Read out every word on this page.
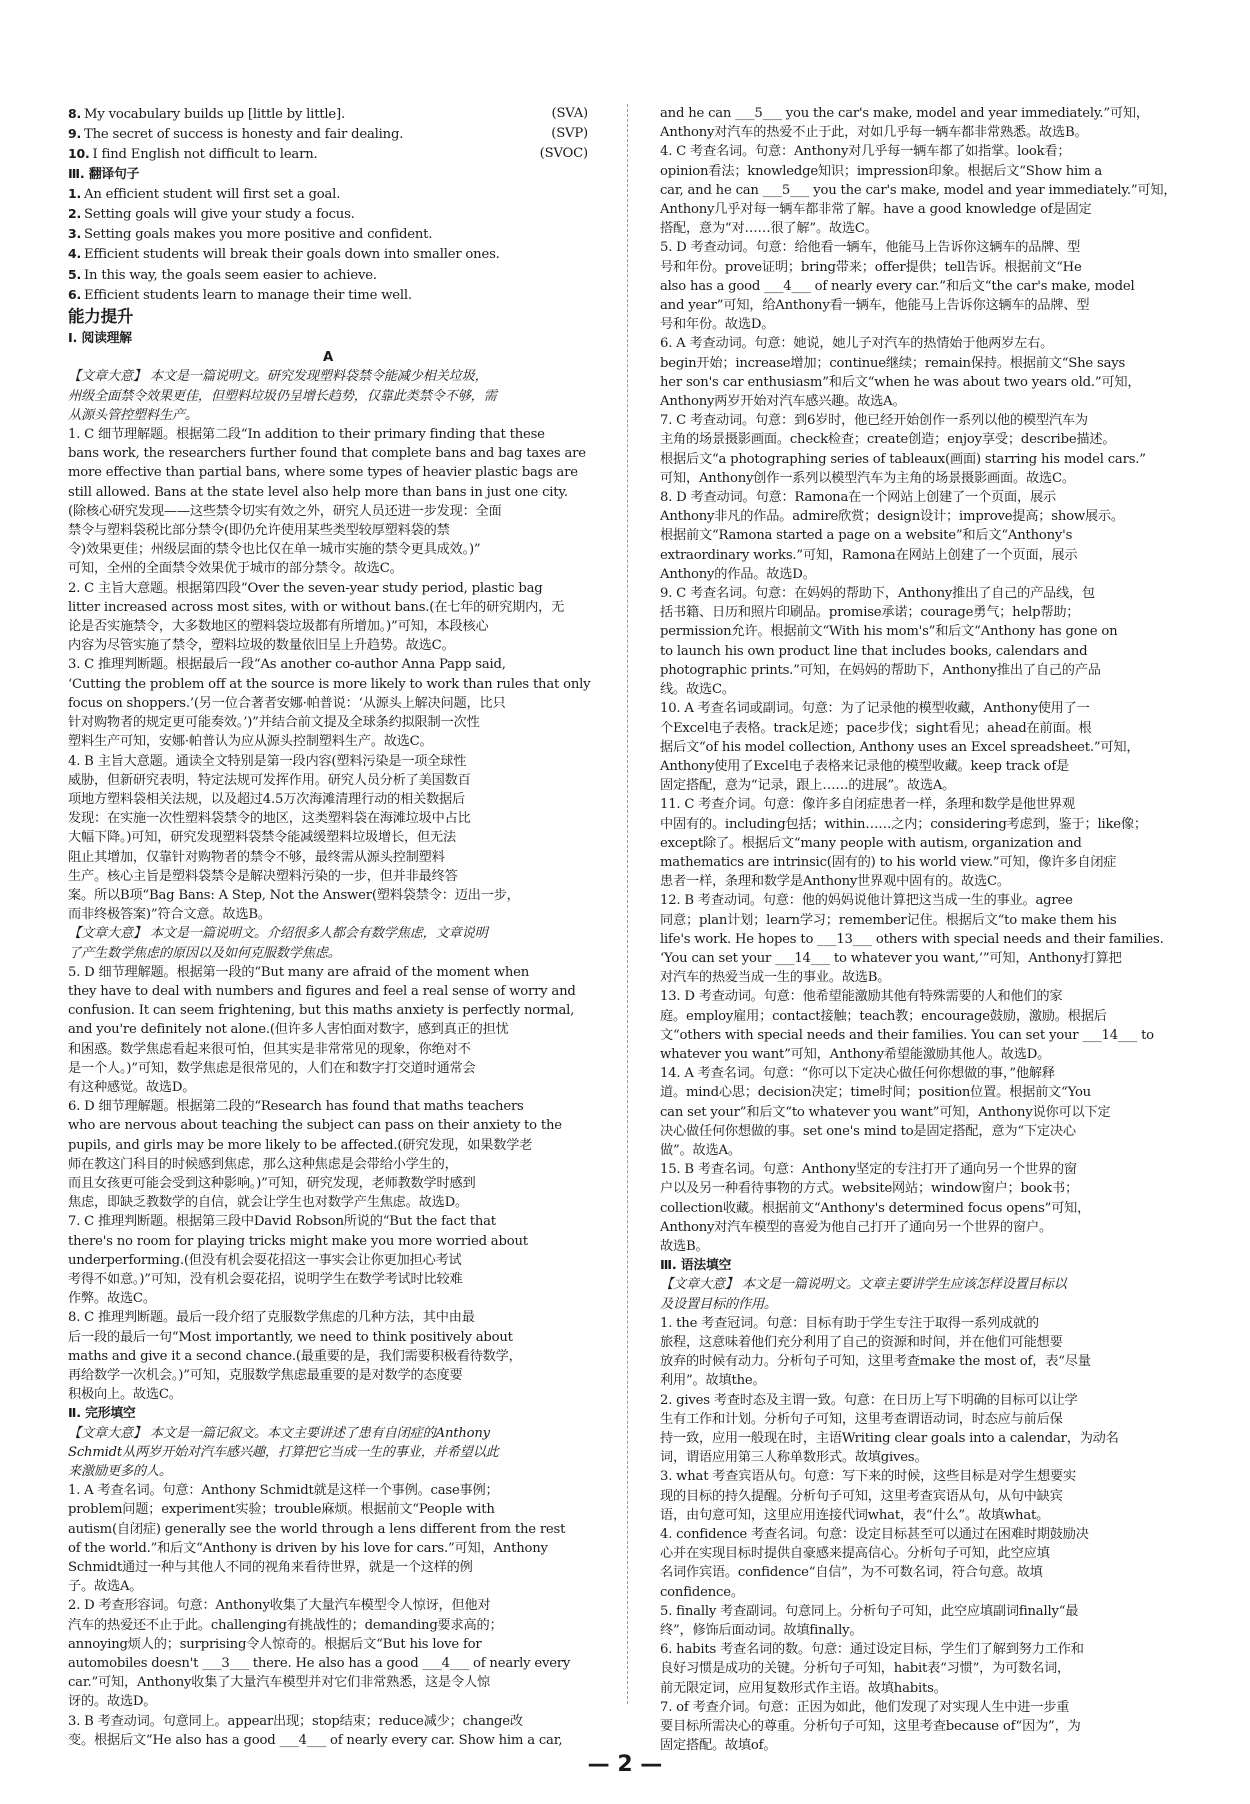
8. My vocabulary builds up [little by little].	(SVA)
9. The secret of success is honesty and fair dealing.	(SVP)
10. I find English not difficult to learn.	(SVOC)
Ⅲ. 翻译句子
1. An efficient student will first set a goal.
2. Setting goals will give your study a focus.
3. Setting goals makes you more positive and confident.
4. Efficient students will break their goals down into smaller ones.
5. In this way, the goals seem easier to achieve.
6. Efficient students learn to manage their time well.
能力提升
Ⅰ. 阅读理解
A
【文章大意】 本文是一篇说明文。研究发现塑料袋禁令能减少相关垃圾，
州级全面禁令效果更佳，但塑料垃圾仍呈增长趋势，仅靠此类禁令不够，需
从源头管控塑料生产。
1. C 细节理解题。根据第二段“In addition to their primary finding that these
bans work, the researchers further found that complete bans and bag taxes are
more effective than partial bans, where some types of heavier plastic bags are
still allowed. Bans at the state level also help more than bans in just one city.
(除核心研究发现——这些禁令切实有效之外，研究人员还进一步发现：全面
禁令与塑料袋税比部分禁令(即仍允许使用某些类型较厚塑料袋的禁
令)效果更佳；州级层面的禁令也比仅在单一城市实施的禁令更具成效。)”
可知，全州的全面禁令效果优于城市的部分禁令。故选C。
2. C 主旨大意题。根据第四段“Over the seven-year study period, plastic bag
litter increased across most sites, with or without bans.(在七年的研究期内，无
论是否实施禁令，大多数地区的塑料袋垃圾都有所增加。)”可知，本段核心
内容为尽管实施了禁令，塑料垃圾的数量依旧呈上升趋势。故选C。
3. C 推理判断题。根据最后一段“As another co-author Anna Papp said,
‘Cutting the problem off at the source is more likely to work than rules that only
focus on shoppers.’(另一位合著者安娜·帕普说：‘从源头上解决问题，比只
针对购物者的规定更可能奏效。’)”并结合前文提及全球条约拟限制一次性
塑料生产可知，安娜·帕普认为应从源头控制塑料生产。故选C。
4. B 主旨大意题。通读全文特别是第一段内容(塑料污染是一项全球性
威胁，但新研究表明，特定法规可发挥作用。研究人员分析了美国数百
项地方塑料袋相关法规，以及超过4.5万次海滩清理行动的相关数据后
发现：在实施一次性塑料袋禁令的地区，这类塑料袋在海滩垃圾中占比
大幅下降。)可知，研究发现塑料袋禁令能减缓塑料垃圾增长，但无法
阻止其增加，仅靠针对购物者的禁令不够，最终需从源头控制塑料
生产。核心主旨是塑料袋禁令是解决塑料污染的一步，但并非最终答
案。所以B项“Bag Bans: A Step, Not the Answer(塑料袋禁令：迈出一步，
而非终极答案)”符合文意。故选B。
【文章大意】 本文是一篇说明文。介绍很多人都会有数学焦虑，文章说明
了产生数学焦虑的原因以及如何克服数学焦虑。
5. D 细节理解题。根据第一段的“But many are afraid of the moment when
they have to deal with numbers and figures and feel a real sense of worry and
confusion. It can seem frightening, but this maths anxiety is perfectly normal,
and you're definitely not alone.(但许多人害怕面对数字，感到真正的担忧
和困惑。数学焦虑看起来很可怕，但其实是非常常见的现象，你绝对不
是一个人。)”可知，数学焦虑是很常见的，人们在和数字打交道时通常会
有这种感觉。故选D。
6. D 细节理解题。根据第二段的“Research has found that maths teachers
who are nervous about teaching the subject can pass on their anxiety to the
pupils, and girls may be more likely to be affected.(研究发现，如果数学老
师在教这门科目的时候感到焦虑，那么这种焦虑是会带给小学生的，
而且女孩更可能会受到这种影响。)”可知，研究发现，老师教数学时感到
焦虑，即缺乏教数学的自信，就会让学生也对数学产生焦虑。故选D。
7. C 推理判断题。根据第三段中David Robson所说的“But the fact that
there's no room for playing tricks might make you more worried about
underperforming.(但没有机会耍花招这一事实会让你更加担心考试
考得不如意。)”可知，没有机会耍花招，说明学生在数学考试时比较难
作弊。故选C。
8. C 推理判断题。最后一段介绍了克服数学焦虑的几种方法，其中由最
后一段的最后一句“Most importantly, we need to think positively about
maths and give it a second chance.(最重要的是，我们需要积极看待数学，
再给数学一次机会。)”可知，克服数学焦虑最重要的是对数学的态度要
积极向上。故选C。
Ⅱ. 完形填空
【文章大意】 本文是一篇记叙文。本文主要讲述了患有自闭症的Anthony
Schmidt从两岁开始对汽车感兴趣，打算把它当成一生的事业，并希望以此
来激励更多的人。
1. A 考查名词。句意：Anthony Schmidt就是这样一个事例。case事例；
problem问题；experiment实验；trouble麻烦。根据前文“People with
autism(自闭症) generally see the world through a lens different from the rest
of the world.”和后文“Anthony is driven by his love for cars.”可知，Anthony
Schmidt通过一种与其他人不同的视角来看待世界，就是一个这样的例
子。故选A。
2. D 考查形容词。句意：Anthony收集了大量汽车模型令人惊讶，但他对
汽车的热爱还不止于此。challenging有挑战性的；demanding要求高的；
annoying烦人的；surprising令人惊奇的。根据后文“But his love for
automobiles doesn't ___3___ there. He also has a good ___4___ of nearly every
car.”可知，Anthony收集了大量汽车模型并对它们非常熟悉，这是令人惊
讶的。故选D。
3. B 考查动词。句意同上。appear出现；stop结束；reduce减少；change改
变。根据后文“He also has a good ___4___ of nearly every car. Show him a car,
and he can ___5___ you the car's make, model and year immediately.”可知，
Anthony对汽车的热爱不止于此，对如几乎每一辆车都非常熟悉。故选B。
4. C 考查名词。句意：Anthony对几乎每一辆车都了如指掌。look看；
opinion看法；knowledge知识；impression印象。根据后文“Show him a
car, and he can ___5___ you the car's make, model and year immediately.”可知，
Anthony几乎对每一辆车都非常了解。have a good knowledge of是固定
搭配，意为“对……很了解”。故选C。
5. D 考查动词。句意：给他看一辆车，他能马上告诉你这辆车的品牌、型
号和年份。prove证明；bring带来；offer提供；tell告诉。根据前文“He
also has a good ___4___ of nearly every car.”和后文“the car's make, model
and year”可知，给Anthony看一辆车，他能马上告诉你这辆车的品牌、型
号和年份。故选D。
6. A 考查动词。句意：她说，她儿子对汽车的热情始于他两岁左右。
begin开始；increase增加；continue继续；remain保持。根据前文“She says
her son's car enthusiasm”和后文“when he was about two years old.”可知，
Anthony两岁开始对汽车感兴趣。故选A。
7. C 考查动词。句意：到6岁时，他已经开始创作一系列以他的模型汽车为
主角的场景摄影画面。check检查；create创造；enjoy享受；describe描述。
根据后文“a photographing series of tableaux(画面) starring his model cars.”
可知，Anthony创作一系列以模型汽车为主角的场景摄影画面。故选C。
8. D 考查动词。句意：Ramona在一个网站上创建了一个页面，展示
Anthony非凡的作品。admire欣赏；design设计；improve提高；show展示。
根据前文“Ramona started a page on a website”和后文“Anthony's
extraordinary works.”可知，Ramona在网站上创建了一个页面，展示
Anthony的作品。故选D。
9. C 考查名词。句意：在妈妈的帮助下，Anthony推出了自己的产品线，包
括书籍、日历和照片印刷品。promise承诺；courage勇气；help帮助；
permission允许。根据前文“With his mom's”和后文“Anthony has gone on
to launch his own product line that includes books, calendars and
photographic prints.”可知，在妈妈的帮助下，Anthony推出了自己的产品
线。故选C。
10. A 考查名词或副词。句意：为了记录他的模型收藏，Anthony使用了一
个Excel电子表格。track足迹；pace步伐；sight看见；ahead在前面。根
据后文“of his model collection, Anthony uses an Excel spreadsheet.”可知，
Anthony使用了Excel电子表格来记录他的模型收藏。keep track of是
固定搭配，意为“记录，跟上……的进展”。故选A。
11. C 考查介词。句意：像许多自闭症患者一样，条理和数学是他世界观
中固有的。including包括；within……之内；considering考虑到，鉴于；like像；
except除了。根据后文“many people with autism, organization and
mathematics are intrinsic(固有的) to his world view.”可知，像许多自闭症
患者一样，条理和数学是Anthony世界观中固有的。故选C。
12. B 考查动词。句意：他的妈妈说他计算把这当成一生的事业。agree
同意；plan计划；learn学习；remember记住。根据后文“to make them his
life's work. He hopes to ___13___ others with special needs and their families.
‘You can set your ___14___ to whatever you want,’”可知，Anthony打算把
对汽车的热爱当成一生的事业。故选B。
13. D 考查动词。句意：他希望能激励其他有特殊需要的人和他们的家
庭。employ雇用；contact接触；teach教；encourage鼓励，激励。根据后
文“others with special needs and their families. You can set your ___14___ to
whatever you want”可知，Anthony希望能激励其他人。故选D。
14. A 考查名词。句意：“你可以下定决心做任何你想做的事，”他解释
道。mind心思；decision决定；time时间；position位置。根据前文“You
can set your”和后文“to whatever you want”可知，Anthony说你可以下定
决心做任何你想做的事。set one's mind to是固定搭配，意为“下定决心
做”。故选A。
15. B 考查名词。句意：Anthony坚定的专注打开了通向另一个世界的窗
户以及另一种看待事物的方式。website网站；window窗户；book书；
collection收藏。根据前文“Anthony's determined focus opens”可知，
Anthony对汽车模型的喜爱为他自己打开了通向另一个世界的窗户。
故选B。
Ⅲ. 语法填空
【文章大意】 本文是一篇说明文。文章主要讲学生应该怎样设置目标以
及设置目标的作用。
1. the 考查冠词。句意：目标有助于学生专注于取得一系列成就的
旅程，这意味着他们充分利用了自己的资源和时间，并在他们可能想要
放弃的时候有动力。分析句子可知，这里考查make the most of，表“尽量
利用”。故填the。
2. gives 考查时态及主谓一致。句意：在日历上写下明确的目标可以让学
生有工作和计划。分析句子可知，这里考查谓语动词，时态应与前后保
持一致，应用一般现在时，主语Writing clear goals into a calendar，为动名
词，谓语应用第三人称单数形式。故填gives。
3. what 考查宾语从句。句意：写下来的时候，这些目标是对学生想要实
现的目标的持久提醒。分析句子可知，这里考查宾语从句，从句中缺宾
语，由句意可知，这里应用连接代词what，表“什么”。故填what。
4. confidence 考查名词。句意：设定目标甚至可以通过在困难时期鼓励决
心并在实现目标时提供自豪感来提高信心。分析句子可知，此空应填
名词作宾语。confidence“自信”，为不可数名词，符合句意。故填
confidence。
5. finally 考查副词。句意同上。分析句子可知，此空应填副词finally“最
终”，修饰后面动词。故填finally。
6. habits 考查名词的数。句意：通过设定目标，学生们了解到努力工作和
良好习惯是成功的关键。分析句子可知，habit表“习惯”，为可数名词，
前无限定词，应用复数形式作主语。故填habits。
7. of 考查介词。句意：正因为如此，他们发现了对实现人生中进一步重
要目标所需决心的尊重。分析句子可知，这里考查because of“因为”，为
固定搭配。故填of。
— 2 —
